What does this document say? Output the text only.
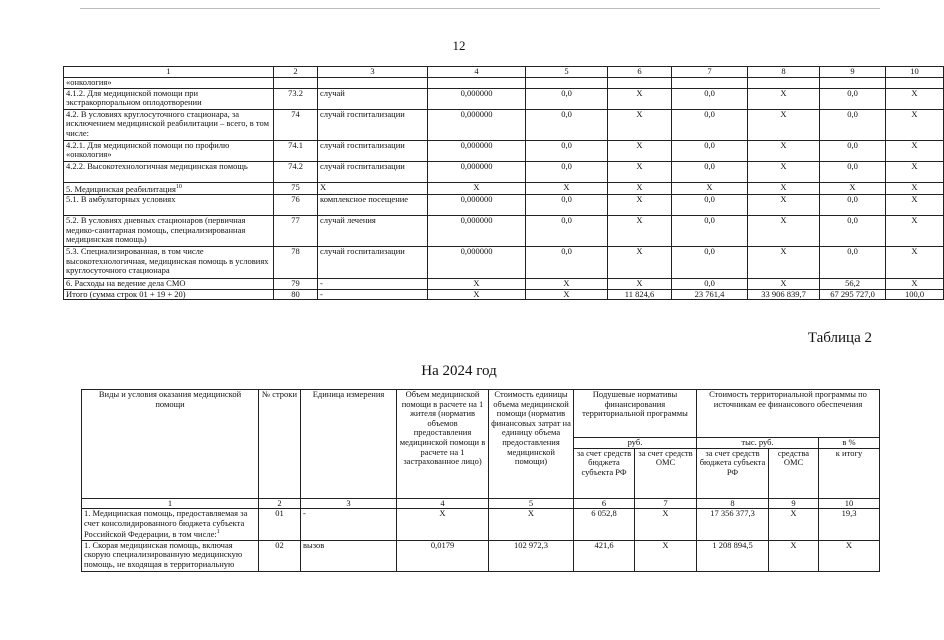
12
1	2	3	4	5	6	7	8	9	10
«онкология»									
4.1.2. Для медицинской помощи при экстракорпоральном оплодотворении	73.2	случай	0,000000	0,0	Х	0,0	Х	0,0	Х
4.2. В условиях круглосуточного стационара, за исключением медицинской реабилитации – всего, в том числе:	74	случай госпитализации	0,000000	0,0	Х	0,0	Х	0,0	Х
4.2.1. Для медицинской помощи по профилю «онкология»	74.1	случай госпитализации	0,000000	0,0	Х	0,0	Х	0,0	Х
4.2.2. Высокотехнологичная медицинская помощь	74.2	случай госпитализации	0,000000	0,0	Х	0,0	Х	0,0	Х
5. Медицинская реабилитация$^{10}$	75	Х	Х	Х	Х	Х	Х	Х	Х
5.1. В амбулаторных условиях	76	комплексное посещение	0,000000	0,0	Х	0,0	Х	0,0	Х
5.2. В условиях дневных стационаров (первичная медико-санитарная помощь, специализированная медицинская помощь)	77	случай лечения	0,000000	0,0	Х	0,0	Х	0,0	Х
5.3. Специализированная, в том числе высокотехнологичная, медицинская помощь в условиях круглосуточного стационара	78	случай госпитализации	0,000000	0,0	Х	0,0	Х	0,0	Х
6. Расходы на ведение дела СМО	79	-	Х	Х	Х	0,0	Х	56,2	Х
Итого (сумма строк 01 + 19 + 20)	80	-	Х	Х	11 824,6	23 761,4	33 906 839,7	67 295 727,0	100,0
Таблица 2
На 2024 год
Виды и условия оказания медицинской помощи	№ строки	Единица измерения	Объем медицинской помощи в расчете на 1 жителя (норматив объемов предоставления медицинской помощи в расчете на 1 застрахованное лицо)	Стоимость единицы объема медицинской помощи (норматив финансовых затрат на единицу объема предоставления медицинской помощи)	Подушевые нормативы финансирования территориальной программы		Стоимость территориальной программы по источникам ее финансового обеспечения		
					руб.		тыс. руб.		в %
					за счет средств бюджета субъекта РФ	за счет средств ОМС	за счет средств бюджета субъекта РФ	средства ОМС	к итогу
1	2	3	4	5	6	7	8	9	10
1. Медицинская помощь, предоставляемая за счет консолидированного бюджета субъекта Российской Федерации, в том числе:$^1$	01	-	Х	Х	6 052,8	Х	17 356 377,3	Х	19,3
1. Скорая медицинская помощь, включая скорую специализированную медицинскую помощь, не входящая в территориальную	02	вызов	0,0179	102 972,3	421,6	Х	1 208 894,5	Х	Х
